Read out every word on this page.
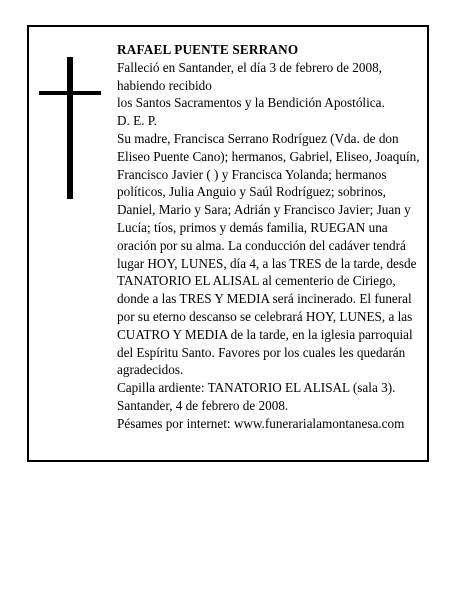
RAFAEL PUENTE SERRANO

Falleció en Santander, el día 3 de febrero de 2008, habiendo recibido

los Santos Sacramentos y la Bendición Apostólica.

D. E. P.

Su madre, Francisca Serrano Rodríguez (Vda. de don Eliseo Puente Cano); hermanos, Gabriel, Eliseo, Joaquín, Francisco Javier ( ) y Francisca Yolanda; hermanos políticos, Julia Anguio y Saúl Rodríguez; sobrinos, Daniel, Mario y Sara; Adrián y Francisco Javier; Juan y Lucía; tíos, primos y demás familia, RUEGAN una oración por su alma. La conducción del cadáver tendrá lugar HOY, LUNES, día 4, a las TRES de la tarde, desde TANATORIO EL ALISAL al cementerio de Ciriego, donde a las TRES Y MEDIA será incinerado. El funeral por su eterno descanso se celebrará HOY, LUNES, a las CUATRO Y MEDIA de la tarde, en la iglesia parroquial del Espíritu Santo. Favores por los cuales les quedarán agradecidos.

Capilla ardiente: TANATORIO EL ALISAL (sala 3).

Santander, 4 de febrero de 2008.

Pésames por internet: www.funerarialamontanesa.com
